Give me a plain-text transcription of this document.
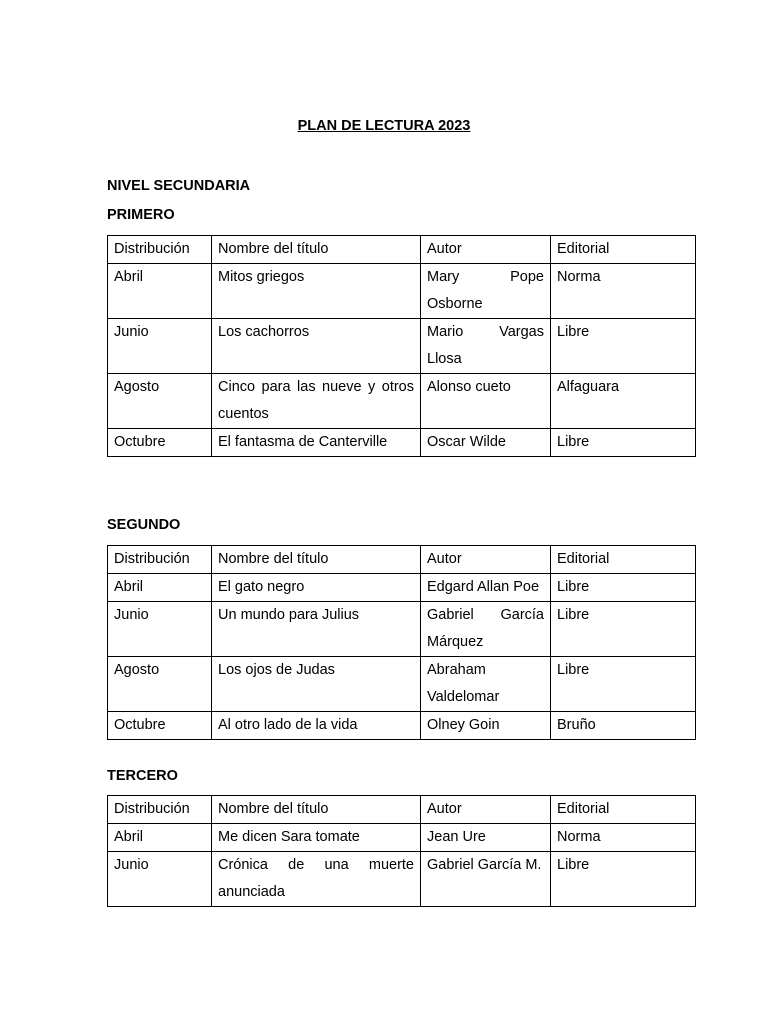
PLAN DE LECTURA 2023
NIVEL SECUNDARIA
PRIMERO
Distribución	Nombre del título	Autor	Editorial
Abril	Mitos griegos	Mary Pope Osborne	Norma
Junio	Los cachorros	Mario Vargas Llosa	Libre
Agosto	Cinco para las nueve y otros cuentos	Alonso cueto	Alfaguara
Octubre	El fantasma de Canterville	Oscar Wilde	Libre
SEGUNDO
Distribución	Nombre del título	Autor	Editorial
Abril	El gato negro	Edgard Allan Poe	Libre
Junio	Un mundo para Julius	Gabriel García Márquez	Libre
Agosto	Los ojos de Judas	Abraham Valdelomar	Libre
Octubre	Al otro lado de la vida	Olney Goin	Bruño
TERCERO
Distribución	Nombre del título	Autor	Editorial
Abril	Me dicen Sara tomate	Jean Ure	Norma
Junio	Crónica de una muerte anunciada	Gabriel García M.	Libre
